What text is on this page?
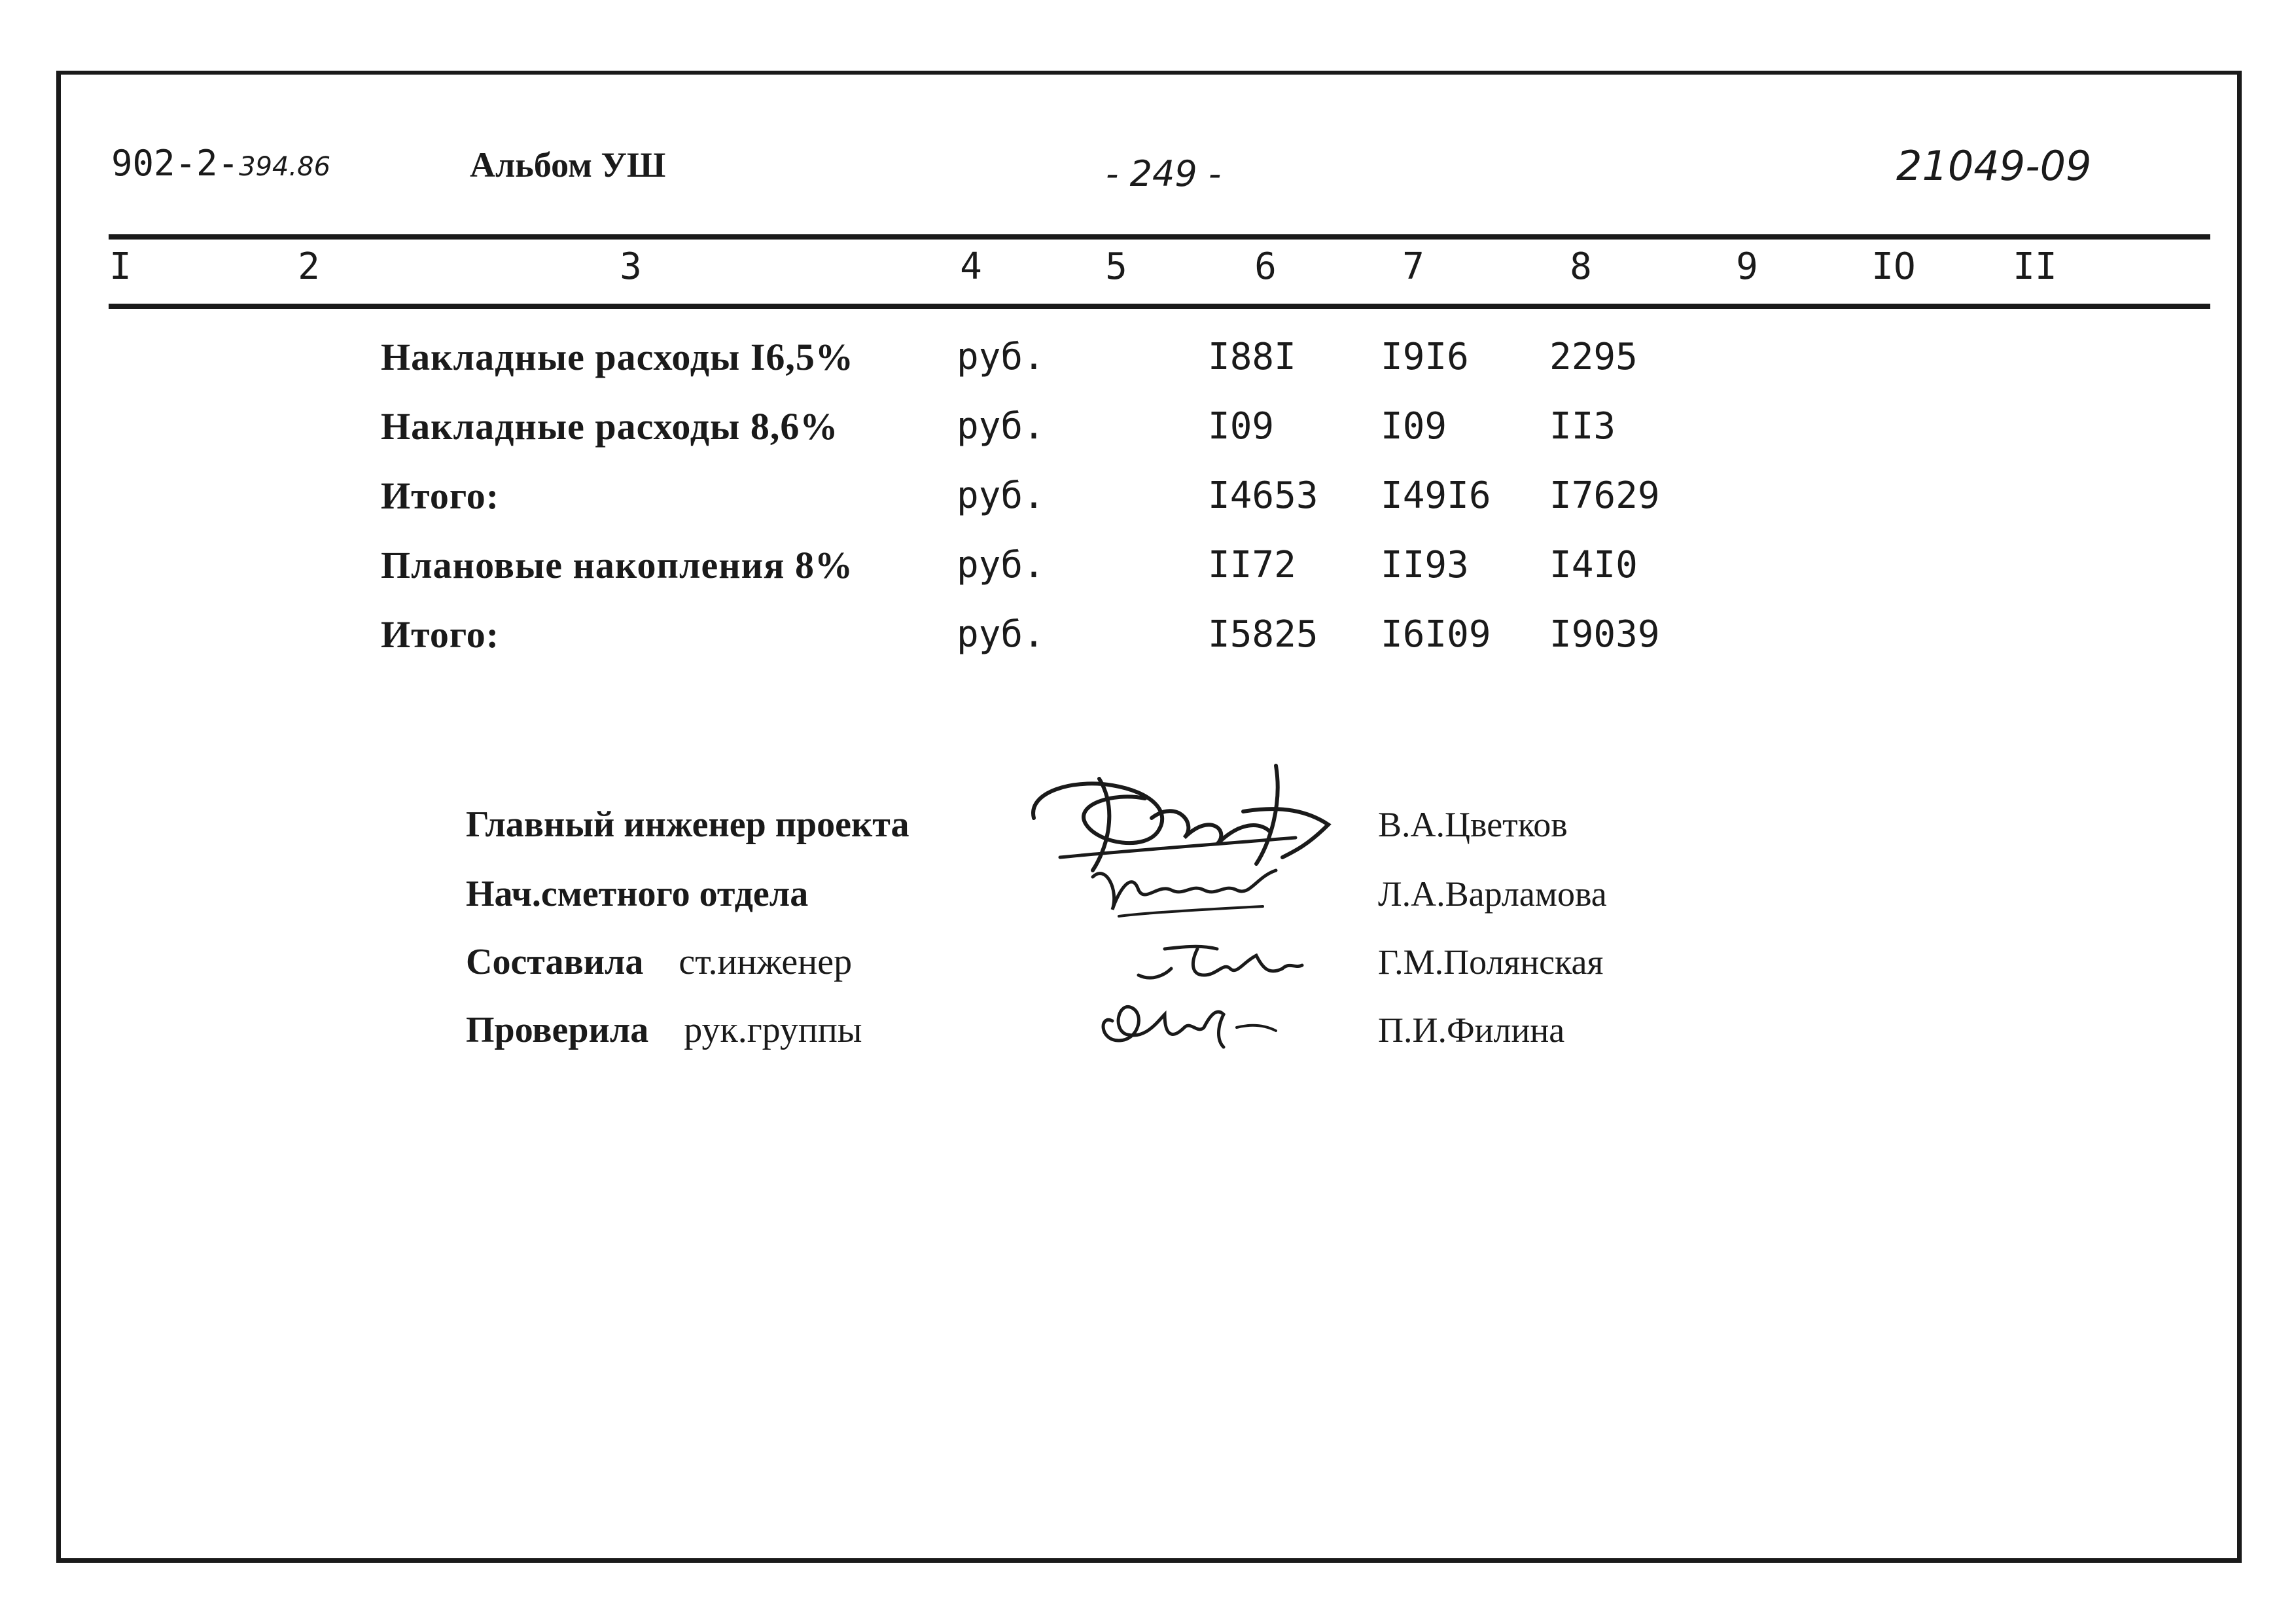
902-2-394.86	Альбом УШ	- 249 -	21049-09
I	2	3	4	5	6	7	8	9	IO	II
Накладные расходы I6,5%	руб.	I88I I9I6 2295
Накладные расходы 8,6%	руб.	I09	I09	II3
Итого:	руб.	I4653 I49I6 I7629
Плановые накопления 8%	руб.	II72 II93 I4I0
Итого:	руб.	I5825 I6I09 I9039
Главный инженер проекта	В.А.Цветков
Нач.сметного отдела	Л.А.Варламова
Составила ст.инженер	Г.М.Полянская
Проверила рук.группы	П.И.Филина
